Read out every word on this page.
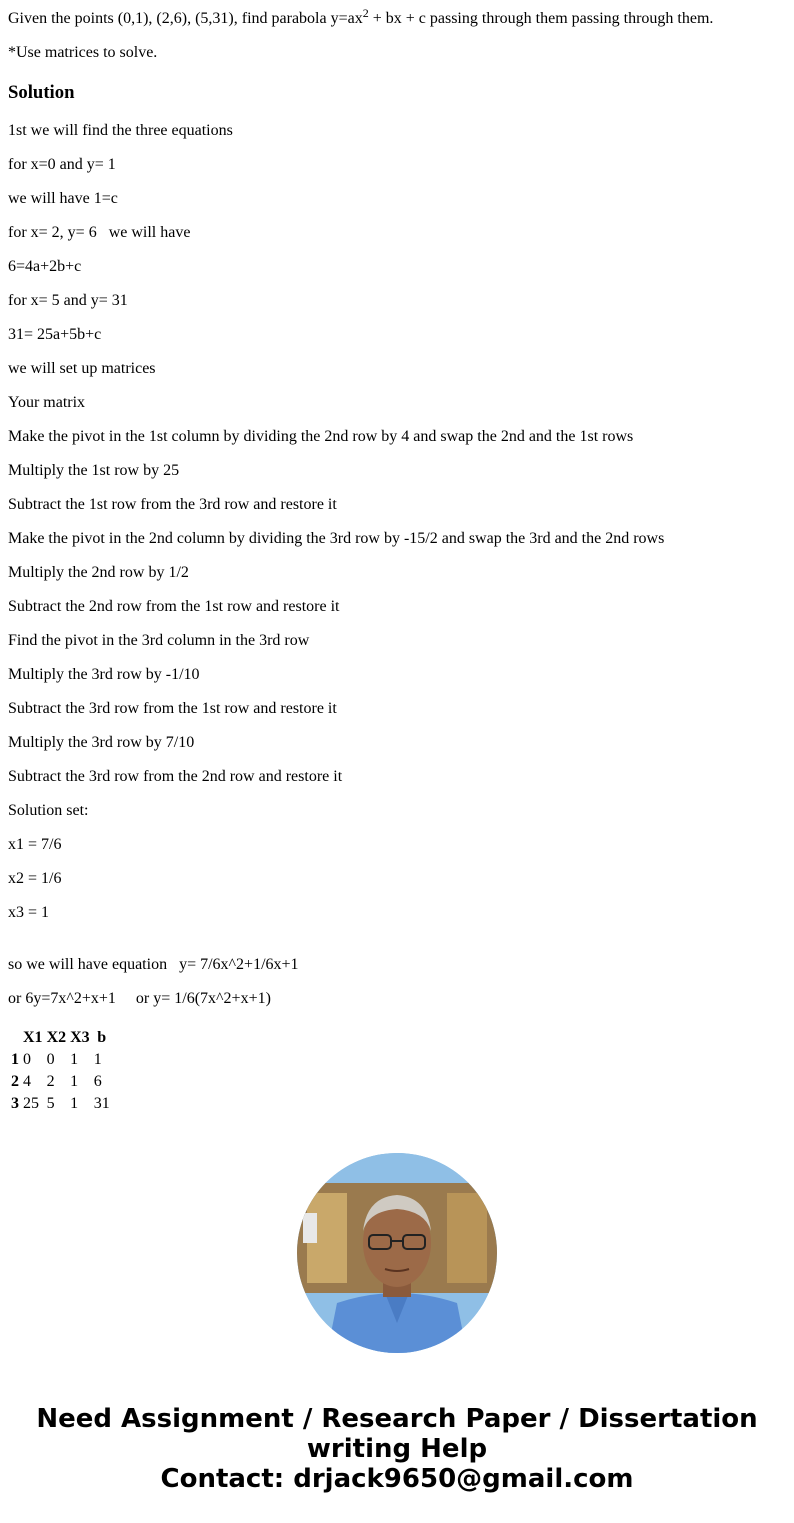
Given the points (0,1), (2,6), (5,31), find parabola $y=ax^2$ + bx + c passing through them passing through them.

*Use matrices to solve.

Solution

1st we will find the three equations

for x=0 and y= 1

we will have 1=c

for x= 2, y= 6   we will have

6=4a+2b+c

for x= 5 and y= 31

31= 25a+5b+c

we will set up matrices

Your matrix

Make the pivot in the 1st column by dividing the 2nd row by 4 and swap the 2nd and the 1st rows

Multiply the 1st row by 25

Subtract the 1st row from the 3rd row and restore it

Make the pivot in the 2nd column by dividing the 3rd row by -15/2 and swap the 3rd and the 2nd rows

Multiply the 2nd row by 1/2

Subtract the 2nd row from the 1st row and restore it

Find the pivot in the 3rd column in the 3rd row

Multiply the 3rd row by -1/10

Subtract the 3rd row from the 1st row and restore it

Multiply the 3rd row by 7/10

Subtract the 3rd row from the 2nd row and restore it

Solution set:

x1 = 7/6

x2 = 1/6

x3 = 1

so we will have equation   y= 7/6x^2+1/6x+1

or 6y=7x^2+x+1     or y= 1/6(7x^2+x+1)

	X1	X2	X3	b
1	0	0	1	1
2	4	2	1	6
3	25	5	1	31
Need Assignment / Research Paper / Dissertation
writing Help
Contact: drjack9650@gmail.com
